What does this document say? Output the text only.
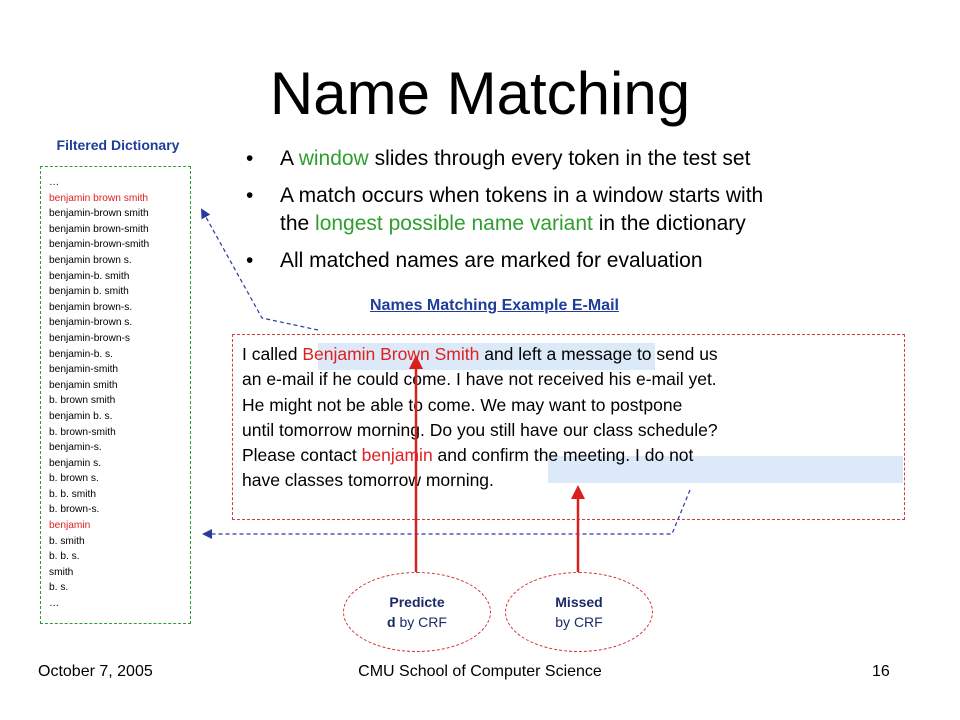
Name Matching
Filtered Dictionary
…
benjamin brown smith
benjamin-brown smith
benjamin brown-smith
benjamin-brown-smith
benjamin brown s.
benjamin-b. smith
benjamin b. smith
benjamin brown-s.
benjamin-brown s.
benjamin-brown-s
benjamin-b. s.
benjamin-smith
benjamin smith
b. brown smith
benjamin b. s.
b. brown-smith
benjamin-s.
benjamin s.
b. brown s.
b. b. smith
b. brown-s.
benjamin
b. smith
b. b. s.
smith
b. s.
…
• A window slides through every token in the test set
• A match occurs when tokens in a window starts with
the longest possible name variant in the dictionary
• All matched names are marked for evaluation
Names Matching Example E-Mail
I called Benjamin Brown Smith and left a message to send us
an e-mail if he could come. I have not received his e-mail yet.
He might not be able to come. We may want to postpone
until tomorrow morning. Do you still have our class schedule?
Please contact benjamin and confirm the meeting. I do not
have classes tomorrow morning.
Predicte
d by CRF
Missed
by CRF
October 7, 2005	CMU School of Computer Science	16
